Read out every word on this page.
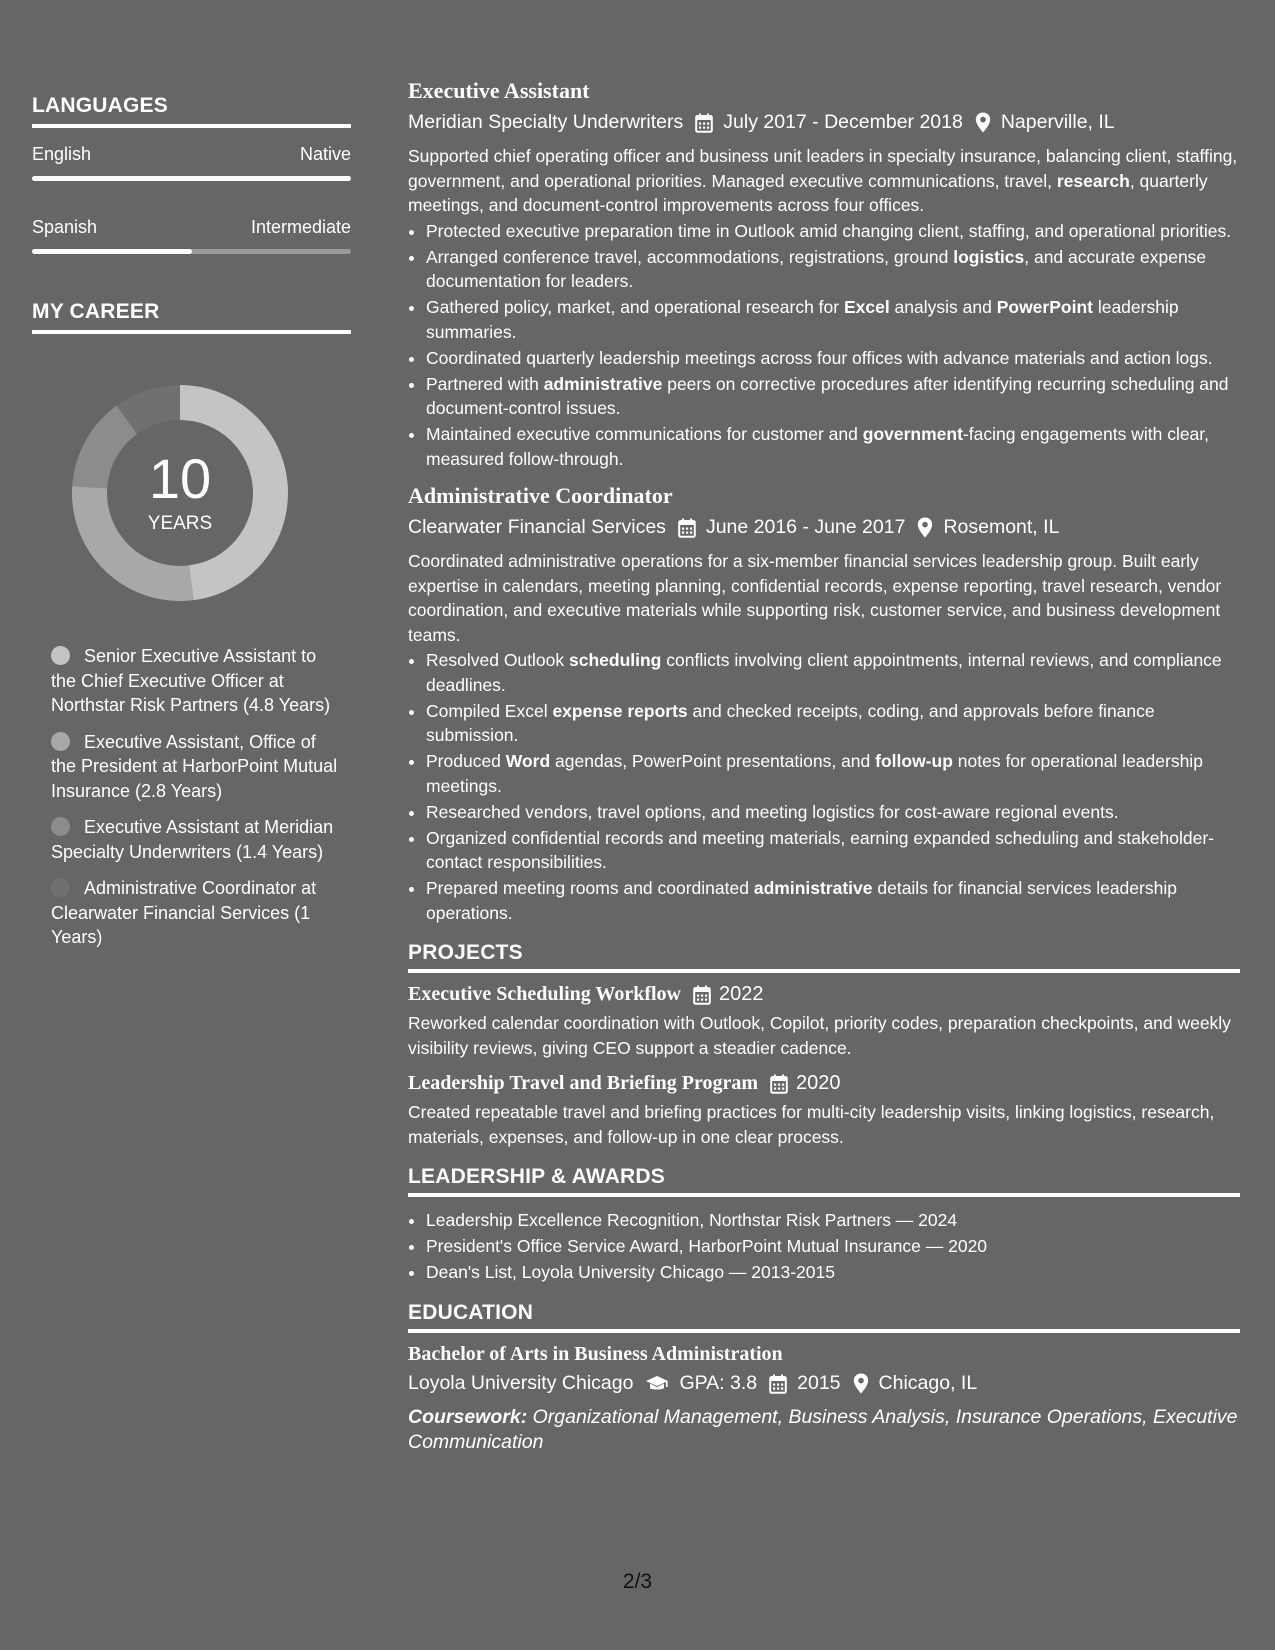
LANGUAGES
English	Native
Spanish	Intermediate
MY CAREER
10
YEARS
Senior Executive Assistant to the Chief Executive Officer at Northstar Risk Partners (4.8 Years)
Executive Assistant, Office of the President at HarborPoint Mutual Insurance (2.8 Years)
Executive Assistant at Meridian Specialty Underwriters (1.4 Years)
Administrative Coordinator at Clearwater Financial Services (1 Years)
Executive Assistant
Meridian Specialty Underwriters July 2017 - December 2018 Naperville, IL

Supported chief operating officer and business unit leaders in specialty insurance, balancing client, staffing, government, and operational priorities. Managed executive communications, travel, research, quarterly meetings, and document-control improvements across four offices.

• Protected executive preparation time in Outlook amid changing client, staffing, and operational priorities.
• Arranged conference travel, accommodations, registrations, ground logistics, and accurate expense documentation for leaders.
• Gathered policy, market, and operational research for Excel analysis and PowerPoint leadership summaries.
• Coordinated quarterly leadership meetings across four offices with advance materials and action logs.
• Partnered with administrative peers on corrective procedures after identifying recurring scheduling and document-control issues.
• Maintained executive communications for customer and government-facing engagements with clear, measured follow-through.
Administrative Coordinator
Clearwater Financial Services June 2016 - June 2017 Rosemont, IL

Coordinated administrative operations for a six-member financial services leadership group. Built early expertise in calendars, meeting planning, confidential records, expense reporting, travel research, vendor coordination, and executive materials while supporting risk, customer service, and business development teams.

• Resolved Outlook scheduling conflicts involving client appointments, internal reviews, and compliance deadlines.
• Compiled Excel expense reports and checked receipts, coding, and approvals before finance submission.
• Produced Word agendas, PowerPoint presentations, and follow-up notes for operational leadership meetings.
• Researched vendors, travel options, and meeting logistics for cost-aware regional events.
• Organized confidential records and meeting materials, earning expanded scheduling and stakeholder-contact responsibilities.
• Prepared meeting rooms and coordinated administrative details for financial services leadership operations.
PROJECTS
Executive Scheduling Workflow 2022

Reworked calendar coordination with Outlook, Copilot, priority codes, preparation checkpoints, and weekly visibility reviews, giving CEO support a steadier cadence.

Leadership Travel and Briefing Program 2020

Created repeatable travel and briefing practices for multi-city leadership visits, linking logistics, research, materials, expenses, and follow-up in one clear process.

LEADERSHIP & AWARDS
• Leadership Excellence Recognition, Northstar Risk Partners — 2024
• President's Office Service Award, HarborPoint Mutual Insurance — 2020
• Dean's List, Loyola University Chicago — 2013-2015
EDUCATION
Bachelor of Arts in Business Administration
Loyola University Chicago GPA: 3.8 2015 Chicago, IL
Coursework: Organizational Management, Business Analysis, Insurance Operations, Executive Communication
2/3
